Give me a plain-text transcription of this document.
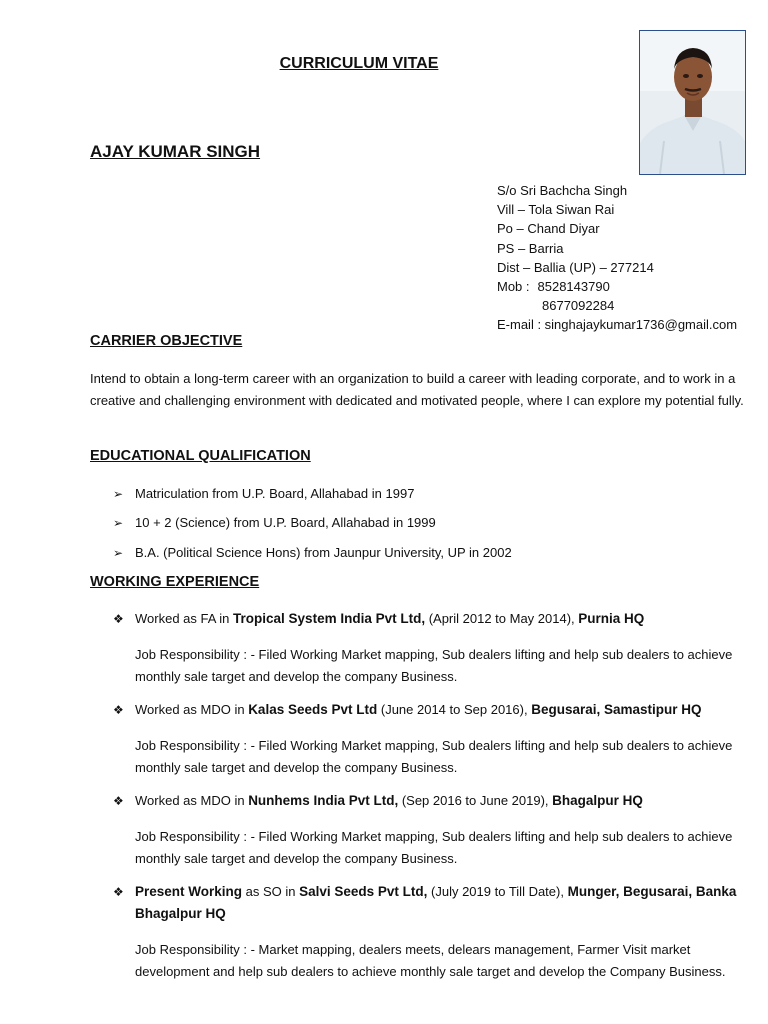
CURRICULUM VITAE
AJAY KUMAR SINGH
S/o Sri Bachcha Singh
Vill – Tola Siwan Rai
Po – Chand Diyar
PS – Barria
Dist – Ballia (UP) – 277214
Mob : 8528143790
8677092284
E-mail : singhajaykumar1736@gmail.com
CARRIER OBJECTIVE
Intend to obtain a long-term career with an organization to build a career with leading corporate, and to work in a creative and challenging environment with dedicated and motivated people, where I can explore my potential fully.
EDUCATIONAL QUALIFICATION
➢ Matriculation from U.P. Board, Allahabad in 1997
➢ 10 + 2 (Science) from U.P. Board, Allahabad in 1999
➢ B.A. (Political Science Hons) from Jaunpur University, UP in 2002
WORKING EXPERIENCE
❖ Worked as FA in Tropical System India Pvt Ltd, (April 2012 to May 2014), Purnia HQ
Job Responsibility : - Filed Working Market mapping, Sub dealers lifting and help sub dealers to achieve monthly sale target and develop the company Business.
❖ Worked as MDO in Kalas Seeds Pvt Ltd (June 2014 to Sep 2016), Begusarai, Samastipur HQ
Job Responsibility : - Filed Working Market mapping, Sub dealers lifting and help sub dealers to achieve monthly sale target and develop the company Business.
❖ Worked as MDO in Nunhems India Pvt Ltd, (Sep 2016 to June 2019), Bhagalpur HQ
Job Responsibility : - Filed Working Market mapping, Sub dealers lifting and help sub dealers to achieve monthly sale target and develop the company Business.
❖ Present Working as SO in Salvi Seeds Pvt Ltd, (July 2019 to Till Date), Munger, Begusarai, Banka Bhagalpur HQ
Job Responsibility : - Market mapping, dealers meets, delears management, Farmer Visit market development and help sub dealers to achieve monthly sale target and develop the Company Business.
